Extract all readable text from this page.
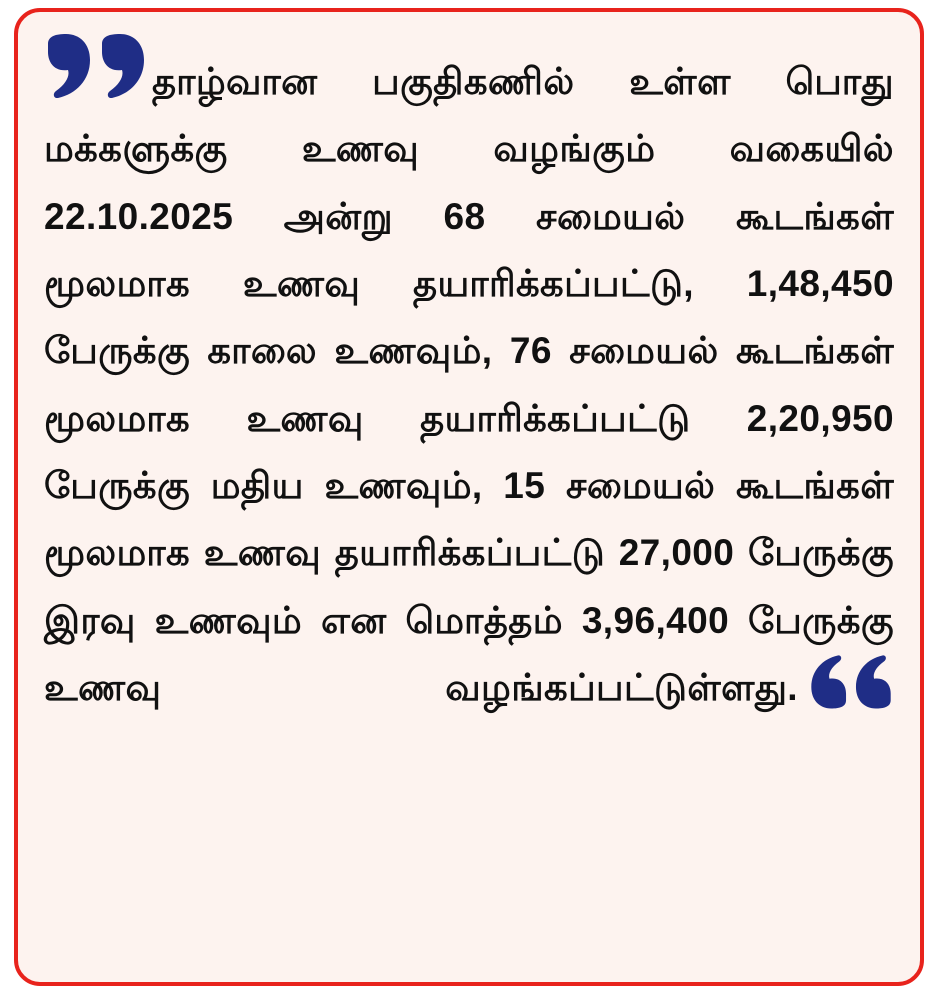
தாழ்வான பகுதிகணில் உள்ள பொது மக்களுக்கு உணவு வழங்கும் வகையில் 22.10.2025 அன்று 68 சமையல் கூடங்கள் மூலமாக உணவு தயாரிக்கப்பட்டு, 1,48,450 பேருக்கு காலை உணவும், 76 சமையல் கூடங்கள் மூலமாக உணவு தயாரிக்கப்பட்டு 2,20,950 பேருக்கு மதிய உணவும், 15 சமையல் கூடங்கள் மூலமாக உணவு தயாரிக்கப்பட்டு 27,000 பேருக்கு இரவு உணவும் என மொத்தம் 3,96,400 பேருக்கு உணவு வழங்கப்பட்டுள்ளது.
